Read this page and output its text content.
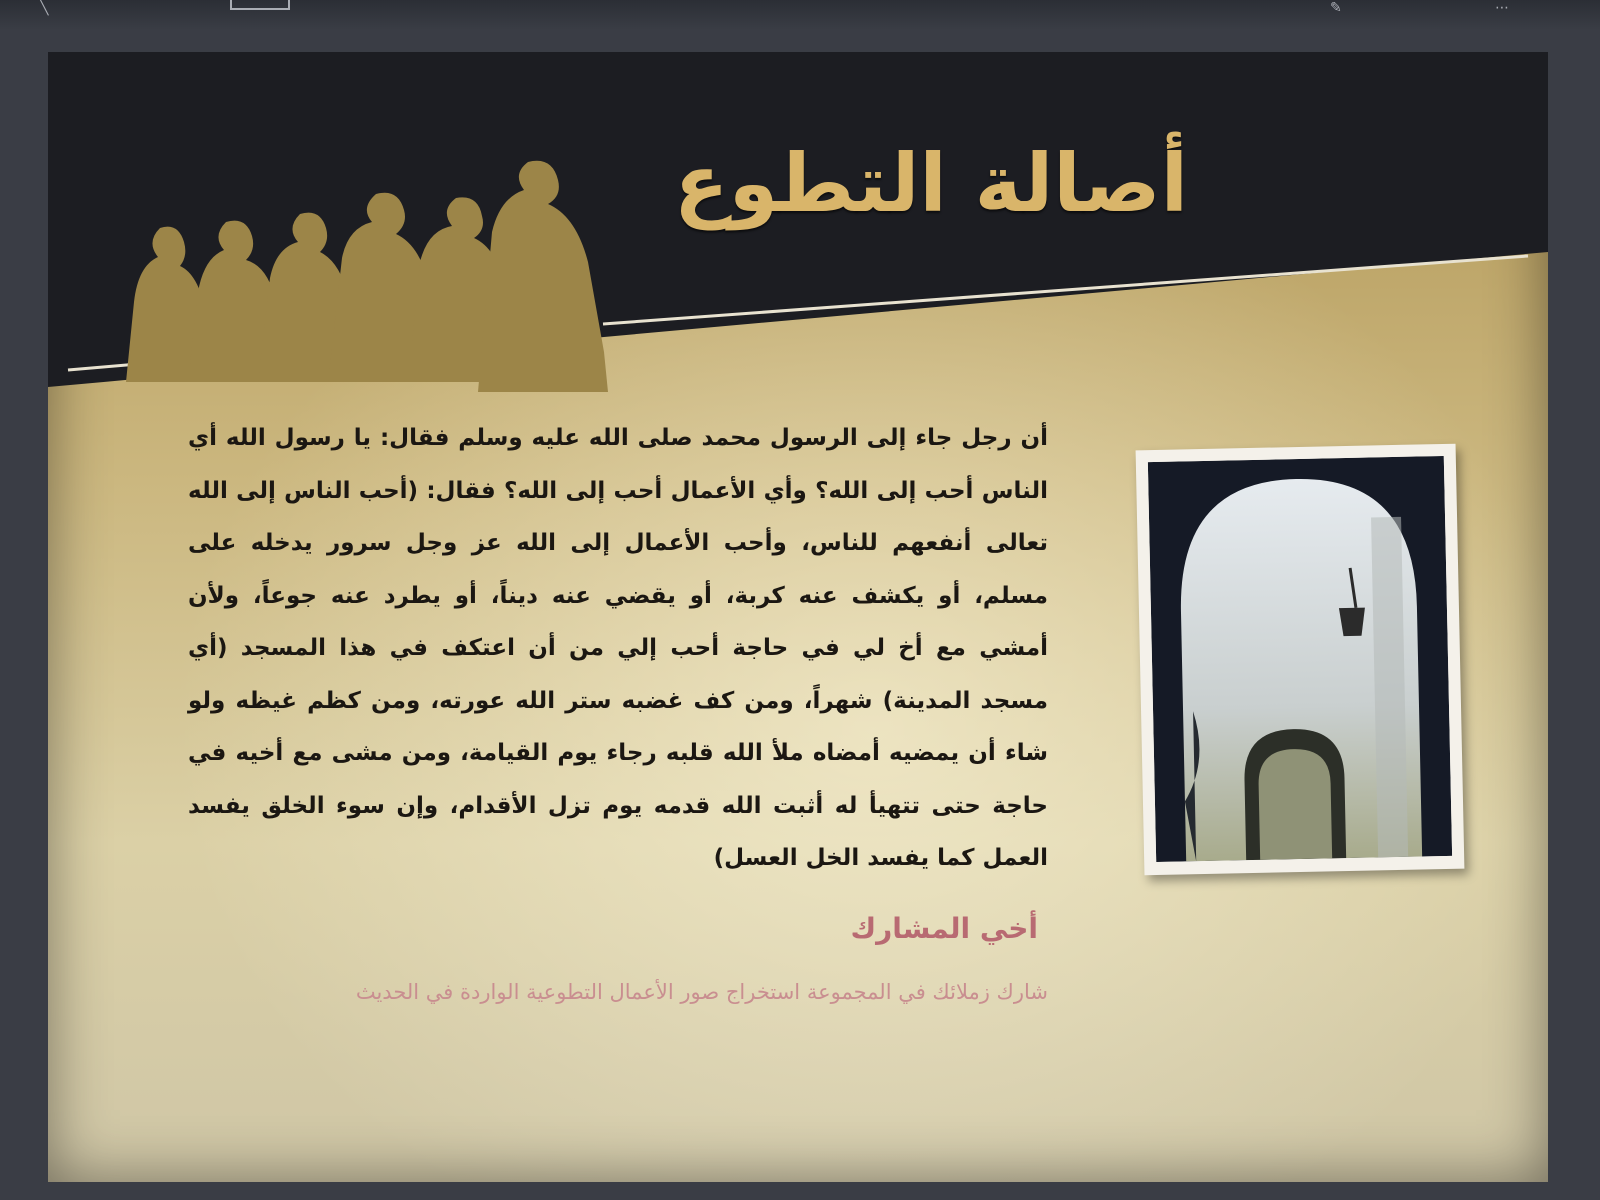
╲	✎	⋯
أصالة التطوع

أن رجل جاء إلى الرسول محمد صلى الله عليه وسلم فقال: يا رسول الله أي الناس أحب إلى الله؟ وأي الأعمال أحب إلى الله؟ فقال: (أحب الناس إلى الله تعالى أنفعهم للناس، وأحب الأعمال إلى الله عز وجل سرور يدخله على مسلم، أو يكشف عنه كربة، أو يقضي عنه ديناً، أو يطرد عنه جوعاً، ولأن أمشي مع أخ لي في حاجة أحب إلي من أن اعتكف في هذا المسجد (أي مسجد المدينة) شهراً، ومن كف غضبه ستر الله عورته، ومن كظم غيظه ولو شاء أن يمضيه أمضاه ملأ الله قلبه رجاء يوم القيامة، ومن مشى مع أخيه في حاجة حتى تتهيأ له أثبت الله قدمه يوم تزل الأقدام، وإن سوء الخلق يفسد العمل كما يفسد الخل العسل)

أخي المشارك

شارك زملائك في المجموعة استخراج صور الأعمال التطوعية الواردة في الحديث
